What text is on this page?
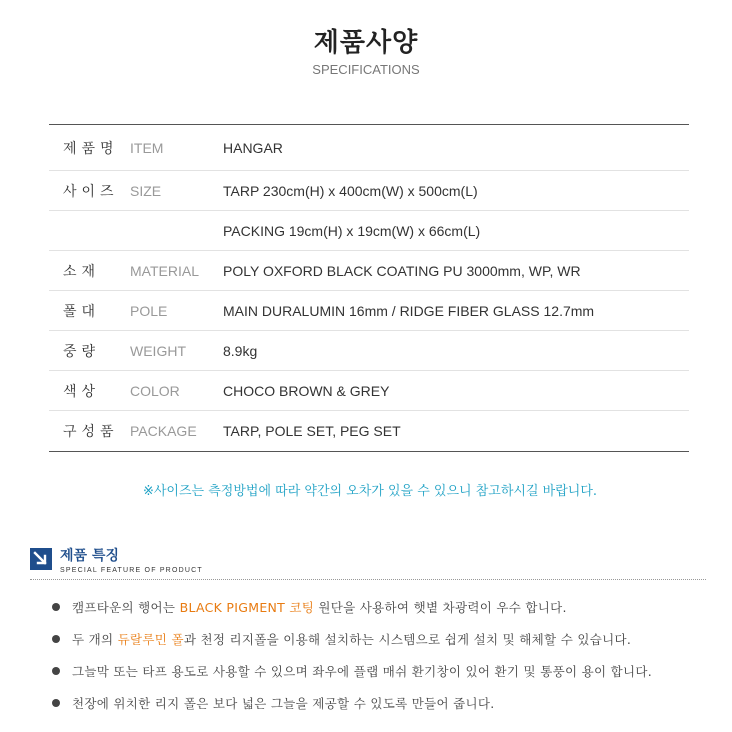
제품사양
SPECIFICATIONS
제품명 ITEM	HANGAR
사이즈 SIZE	TARP 230cm(H) x 400cm(W) x 500cm(L)
PACKING 19cm(H) x 19cm(W) x 66cm(L)
소재	MATERIAL	POLY OXFORD BLACK COATING PU 3000mm, WP, WR
폴대	POLE	MAIN DURALUMIN 16mm / RIDGE FIBER GLASS 12.7mm
중량	WEIGHT	8.9kg
색상	COLOR	CHOCO BROWN & GREY
구성품 PACKAGE	TARP, POLE SET, PEG SET
※사이즈는 측정방법에 따라 약간의 오차가 있을 수 있으니 참고하시길 바랍니다.
제품 특징
SPECIAL FEATURE OF PRODUCT
캠프타운의 행어는 BLACK PIGMENT 코팅 원단을 사용하여 햇볕 차광력이 우수 합니다.
두 개의 듀랄루민 폴과 천정 리지폴을 이용해 설치하는 시스템으로 쉽게 설치 및 해체할 수 있습니다.
그늘막 또는 타프 용도로 사용할 수 있으며 좌우에 플랩 매쉬 환기창이 있어 환기 및 통풍이 용이 합니다.
천장에 위치한 리지 폴은 보다 넓은 그늘을 제공할 수 있도록 만들어 줍니다.
